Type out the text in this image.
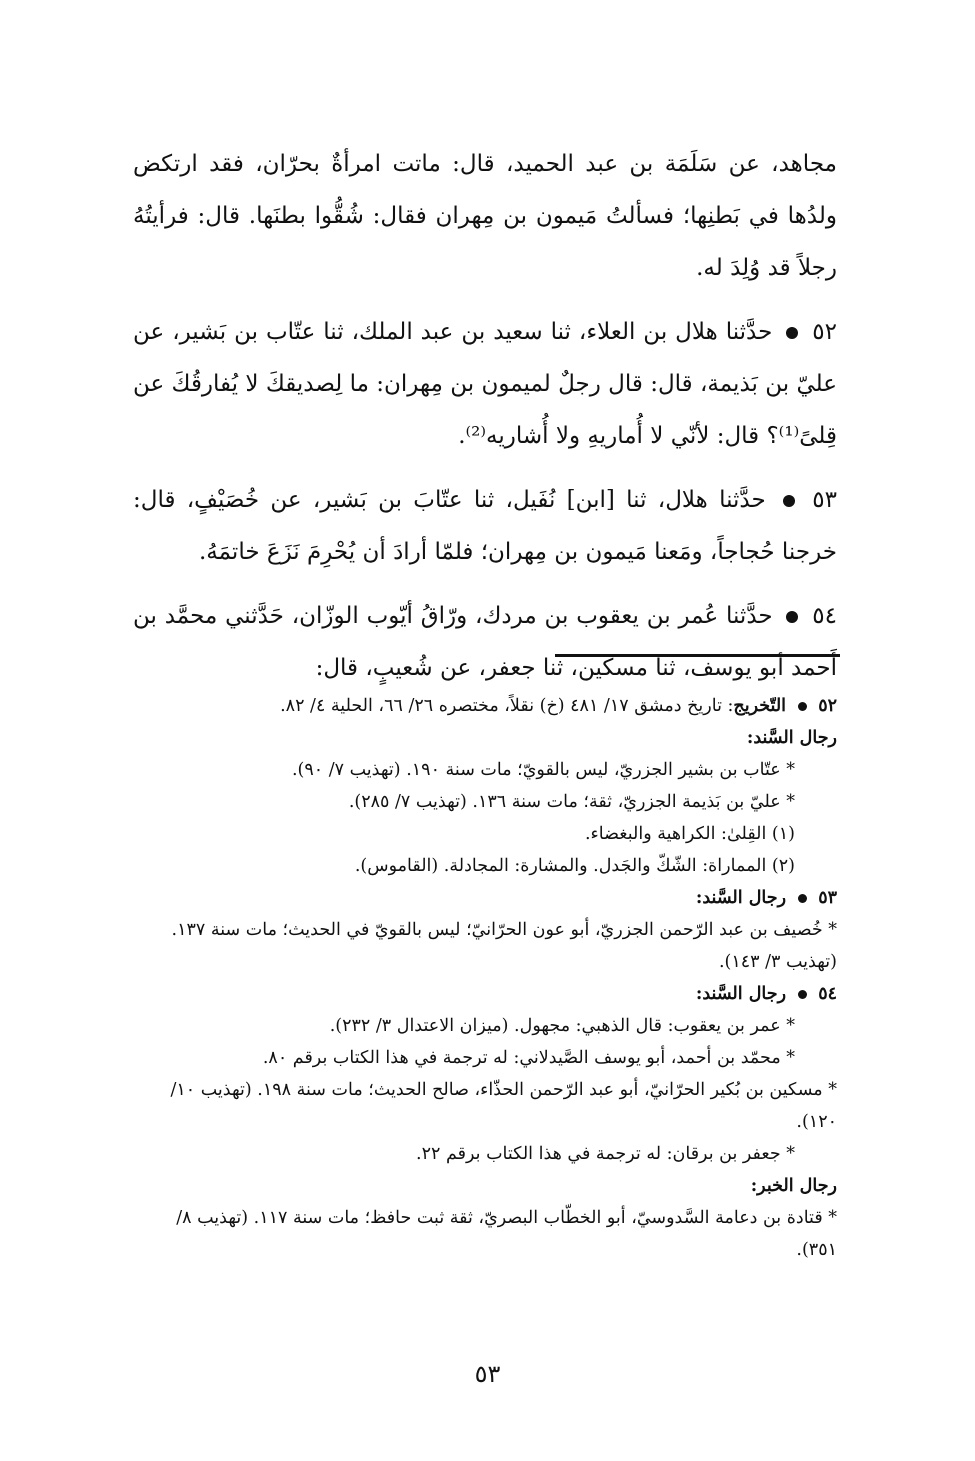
مجاهد، عن سَلَمَة بن عبد الحميد، قال: ماتت امرأةٌ بحرّان، فقد ارتكض ولدُها في بَطنِها؛ فسألتُ مَيمون بن مِهران فقال: شُقُّوا بطنَها. قال: فرأيتُهُ رجلاً قد وُلِدَ له.

٥٢  حدَّثنا هلال بن العلاء، ثنا سعيد بن عبد الملك، ثنا عتّاب بن بَشير، عن عليّ بن بَذيمة، قال: قال رجلٌ لميمون بن مِهران: ما لِصديقكَ لا يُفارقُكَ عن قِلىً⁽¹⁾؟ قال: لأنّي لا أُماريهِ ولا أُشاريه⁽²⁾.

٥٣  حدَّثنا هلال، ثنا [ابن] نُفَيل، ثنا عتّابَ بن بَشير، عن خُصَيْفٍ، قال: خرجنا حُجاجاً، ومَعنا مَيمون بن مِهران؛ فلمّا أرادَ أن يُحْرِمَ نَزَعَ خاتمَهُ.

٥٤  حدَّثنا عُمر بن يعقوب بن مردك، ورّاقُ أيّوب الوزّان، حَدَّثني محمَّد بن أَحمد أبو يوسف، ثنا مسكين، ثنا جعفر، عن شُعيبٍ، قال:

٥٢  التّخريج: تاريخ دمشق ١٧/ ٤٨١ (خ) نقلاً، مختصره ٢٦/ ٦٦، الحلية ٤/ ٨٢.
رجال السَّند:
* عتّاب بن بشير الجزريّ، ليس بالقويّ؛ مات سنة ١٩٠. (تهذيب ٧/ ٩٠).
* عليّ بن بَذيمة الجزريّ، ثقة؛ مات سنة ١٣٦. (تهذيب ٧/ ٢٨٥).
(١) القِلىٰ: الكراهية والبغضاء.
(٢) المماراة: الشّكّ والجَدل. والمشارة: المجادلة. (القاموس).
٥٣  رجال السَّند:
* خُصيف بن عبد الرّحمن الجزريّ، أبو عون الحرّانيّ؛ ليس بالقويّ في الحديث؛ مات سنة ١٣٧. (تهذيب ٣/ ١٤٣).
٥٤  رجال السَّند:
* عمر بن يعقوب: قال الذهبي: مجهول. (ميزان الاعتدال ٣/ ٢٣٢).
* محمّد بن أحمد، أبو يوسف الصَّيدلاني: له ترجمة في هذا الكتاب برقم ٨٠.
* مسكين بن بُكير الحرّانيّ، أبو عبد الرّحمن الحذّاء، صالح الحديث؛ مات سنة ١٩٨. (تهذيب ١٠/ ١٢٠).
* جعفر بن برقان: له ترجمة في هذا الكتاب برقم ٢٢.
رجال الخبر:
* قتادة بن دعامة السَّدوسيّ، أبو الخطّاب البصريّ، ثقة ثبت حافظ؛ مات سنة ١١٧. (تهذيب ٨/ ٣٥١).
٥٣
